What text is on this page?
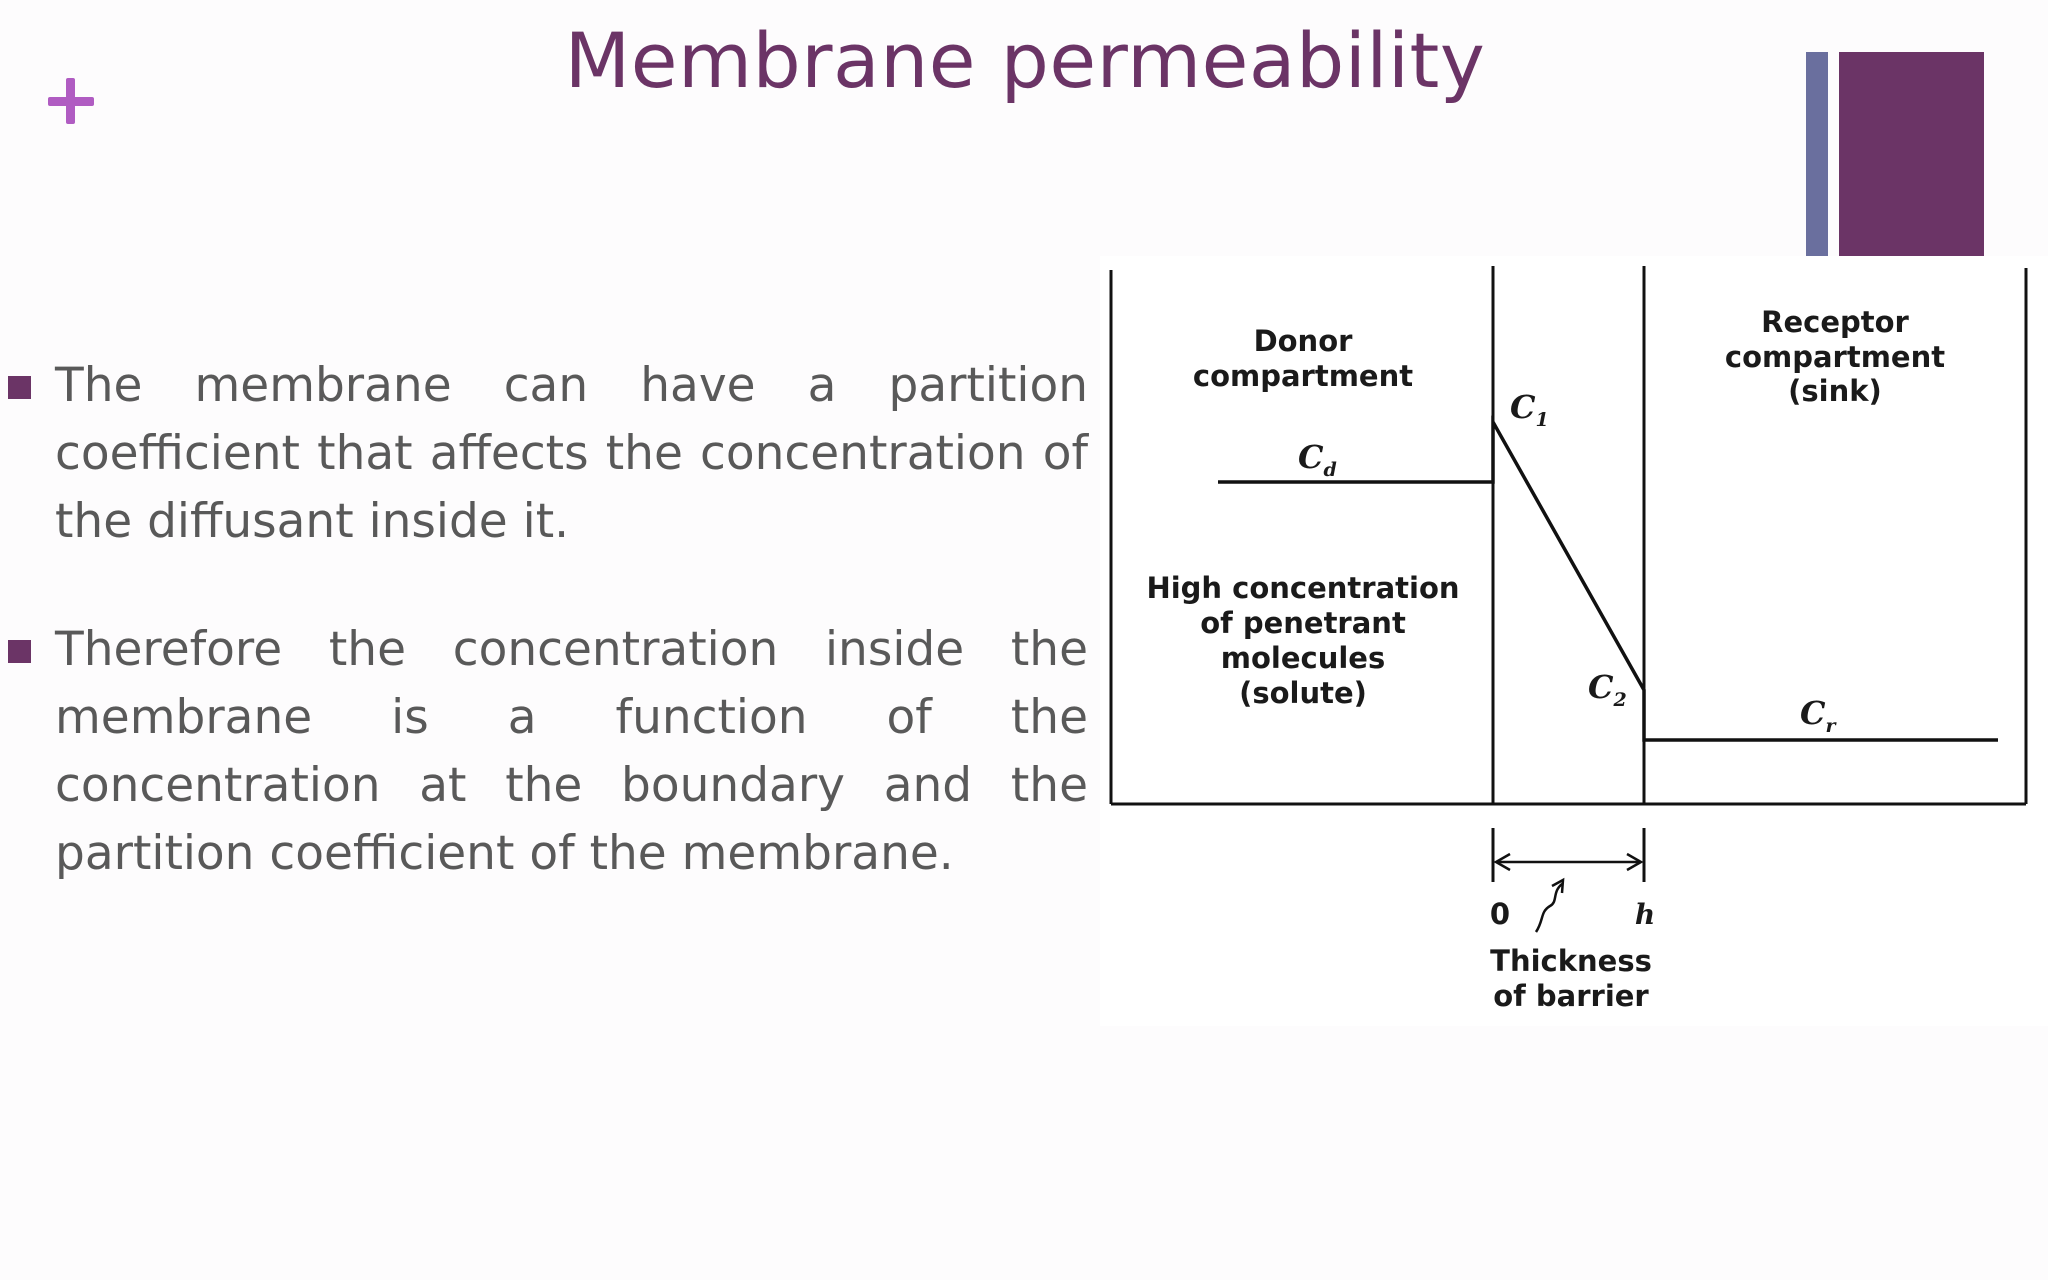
Membrane permeability
The membrane can have a partition coefficient that affects the concentration of the diffusant inside it.
Therefore the concentration inside the membrane is a function of the concentration at the boundary and the partition coefficient of the membrane.
Donor
compartment
Receptor
compartment
(sink)
High concentration
of penetrant
molecules
(solute)
Cd
C1
C2	Cr
0	h
Thickness
of barrier
